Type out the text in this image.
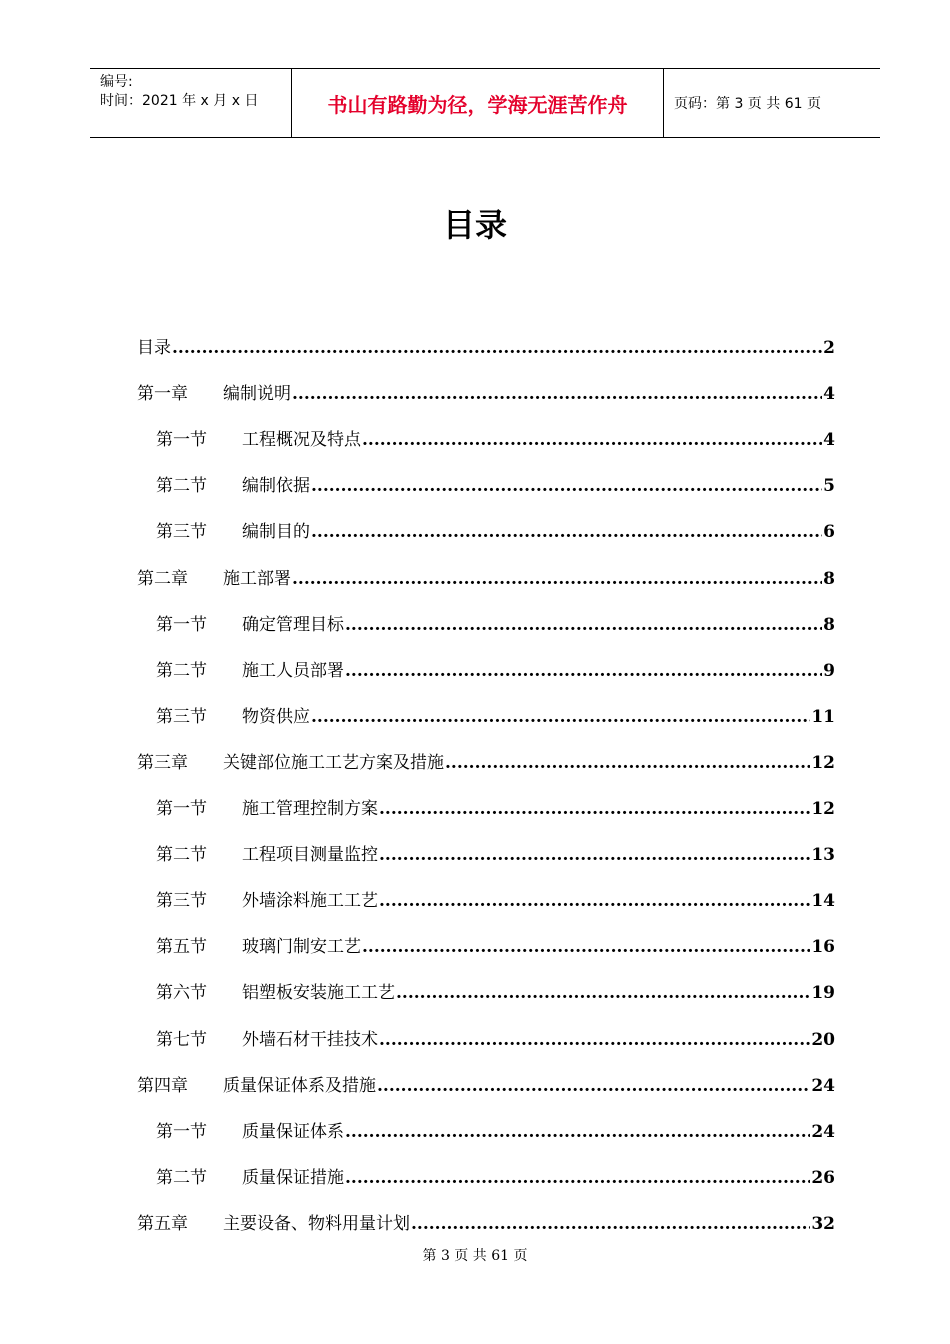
编号:
时间：2021 年 x 月 x 日	书山有路勤为径，学海无涯苦作舟	页码：第 3 页 共 61 页
目录
目录 .....	2
第一章	编制说明 .....	4
第一节	工程概况及特点 .....	4
第二节	编制依据 .....	5
第三节	编制目的 .....	6
第二章	施工部署 .....	8
第一节	确定管理目标 .....	8
第二节	施工人员部署 .....	9
第三节	物资供应 .....	11
第三章	关键部位施工工艺方案及措施 .....	12
第一节	施工管理控制方案 .....	12
第二节	工程项目测量监控 .....	13
第三节	外墙涂料施工工艺 .....	14
第五节	玻璃门制安工艺 .....	16
第六节	铝塑板安装施工工艺 .....	19
第七节	外墙石材干挂技术 .....	20
第四章	质量保证体系及措施 .....	24
第一节	质量保证体系 .....	24
第二节	质量保证措施 .....	26
第五章	主要设备、物料用量计划 .....	32
第 3 页 共 61 页
